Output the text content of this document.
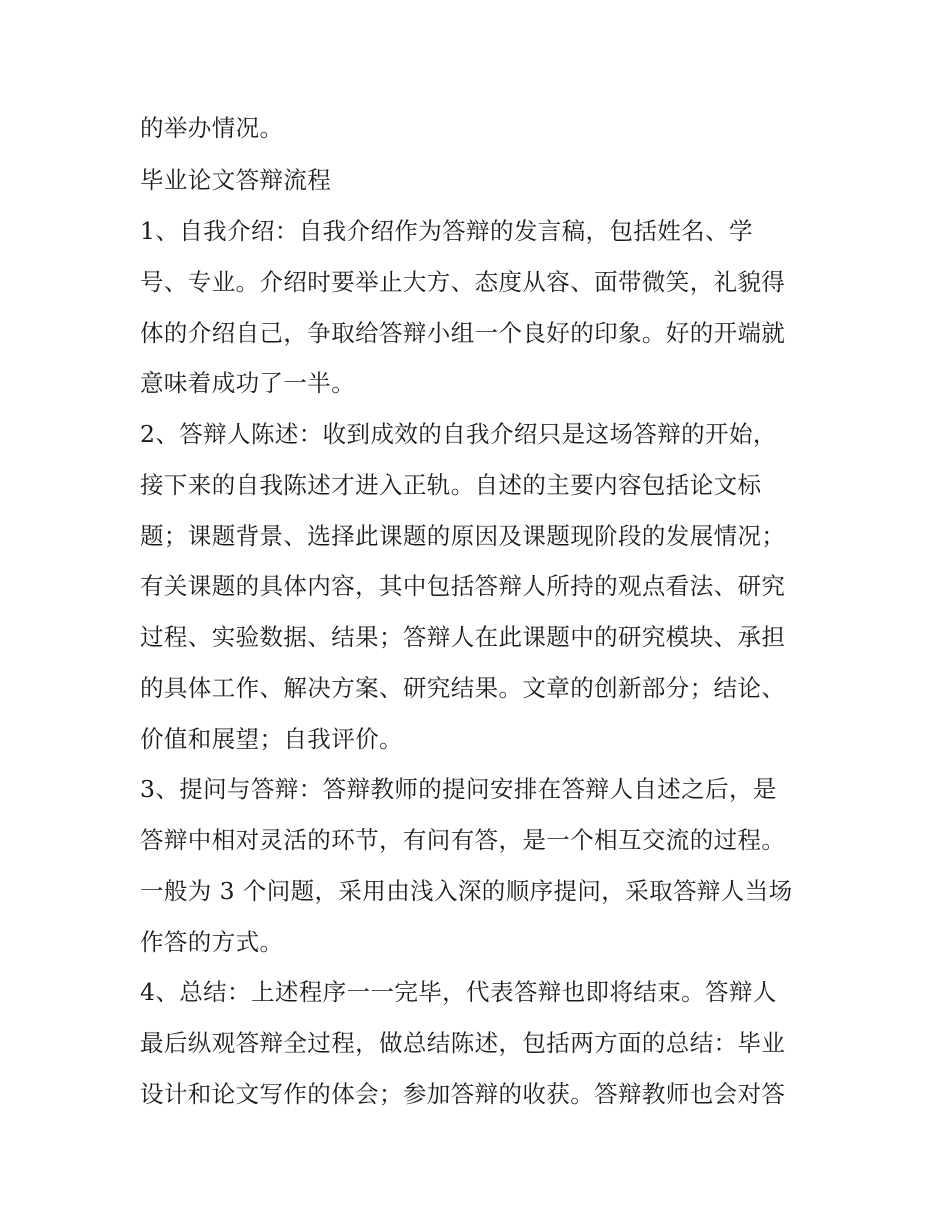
的举办情况。
毕业论文答辩流程
1、自我介绍：自我介绍作为答辩的发言稿，包括姓名、学
号、专业。介绍时要举止大方、态度从容、面带微笑，礼貌得
体的介绍自己，争取给答辩小组一个良好的印象。好的开端就
意味着成功了一半。
2、答辩人陈述：收到成效的自我介绍只是这场答辩的开始，
接下来的自我陈述才进入正轨。自述的主要内容包括论文标
题；课题背景、选择此课题的原因及课题现阶段的发展情况；
有关课题的具体内容，其中包括答辩人所持的观点看法、研究
过程、实验数据、结果；答辩人在此课题中的研究模块、承担
的具体工作、解决方案、研究结果。文章的创新部分；结论、
价值和展望；自我评价。
3、提问与答辩：答辩教师的提问安排在答辩人自述之后，是
答辩中相对灵活的环节，有问有答，是一个相互交流的过程。
一般为 3 个问题，采用由浅入深的顺序提问，采取答辩人当场
作答的方式。
4、总结：上述程序一一完毕，代表答辩也即将结束。答辩人
最后纵观答辩全过程，做总结陈述，包括两方面的总结：毕业
设计和论文写作的体会；参加答辩的收获。答辩教师也会对答
